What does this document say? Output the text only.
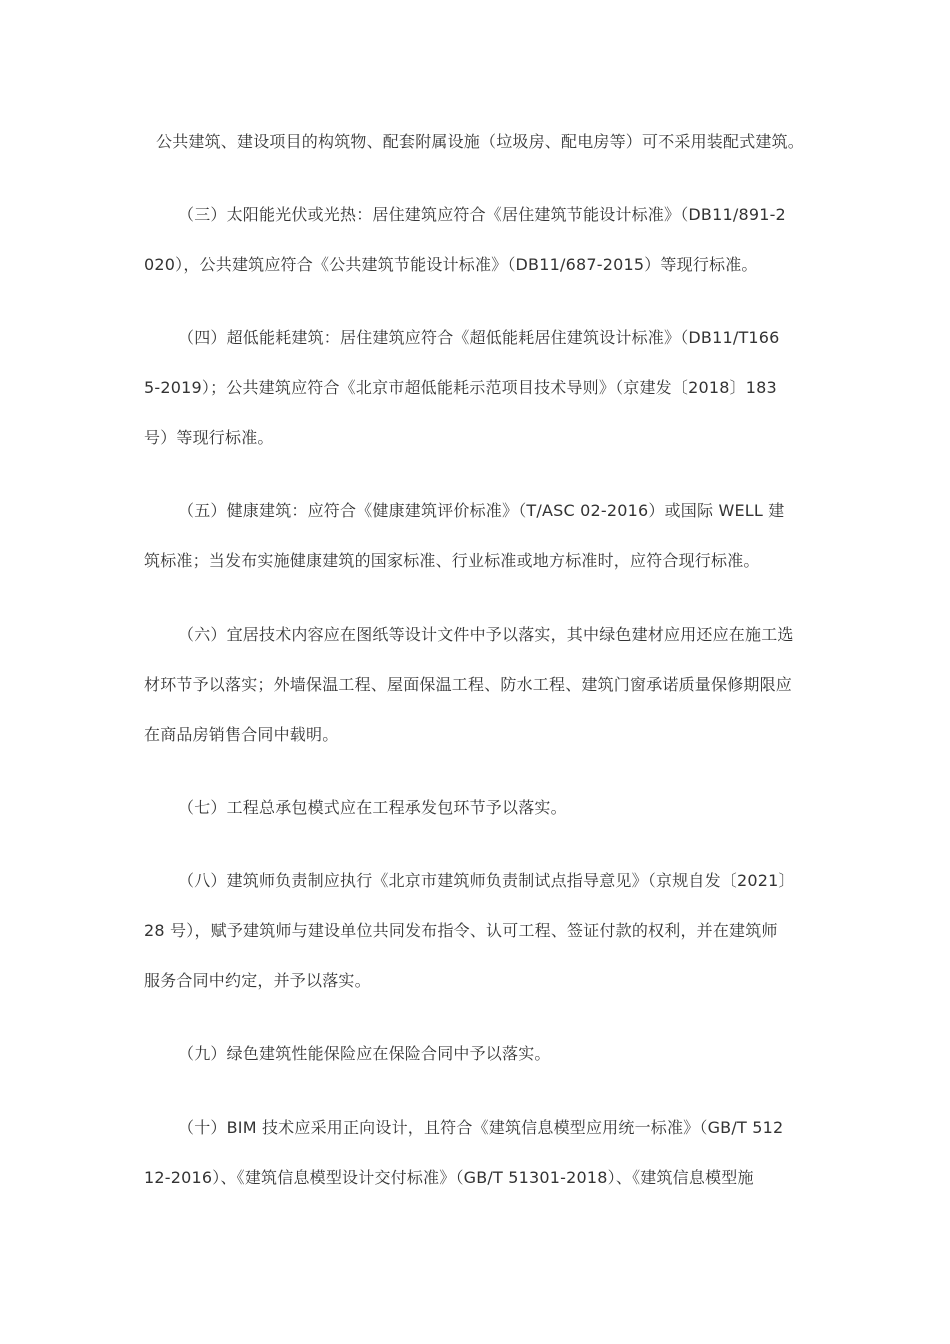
公共建筑、建设项目的构筑物、配套附属设施（垃圾房、配电房等）可不采用装配式建筑。
（三）太阳能光伏或光热：居住建筑应符合《居住建筑节能设计标准》（DB11/891-2
020），公共建筑应符合《公共建筑节能设计标准》（DB11/687-2015）等现行标准。
（四）超低能耗建筑：居住建筑应符合《超低能耗居住建筑设计标准》（DB11/T166
5-2019）；公共建筑应符合《北京市超低能耗示范项目技术导则》（京建发〔2018〕183
号）等现行标准。
（五）健康建筑：应符合《健康建筑评价标准》（T/ASC 02-2016）或国际 WELL 建
筑标准；当发布实施健康建筑的国家标准、行业标准或地方标准时，应符合现行标准。
（六）宜居技术内容应在图纸等设计文件中予以落实，其中绿色建材应用还应在施工选
材环节予以落实；外墙保温工程、屋面保温工程、防水工程、建筑门窗承诺质量保修期限应
在商品房销售合同中载明。
（七）工程总承包模式应在工程承发包环节予以落实。
（八）建筑师负责制应执行《北京市建筑师负责制试点指导意见》（京规自发〔2021〕
28 号），赋予建筑师与建设单位共同发布指令、认可工程、签证付款的权利，并在建筑师
服务合同中约定，并予以落实。
（九）绿色建筑性能保险应在保险合同中予以落实。
（十）BIM 技术应采用正向设计，且符合《建筑信息模型应用统一标准》（GB/T 512
12-2016）、《建筑信息模型设计交付标准》（GB/T 51301-2018）、《建筑信息模型施
